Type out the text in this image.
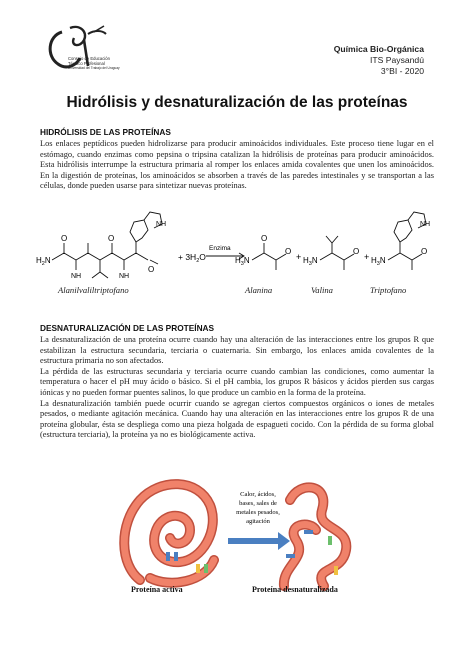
Consejo de Educación
Técnico Profesional
Universidad del Trabajo del Uruguay
Química Bio-Orgánica
ITS Paysandú
3°BI - 2020
Hidrólisis y desnaturalización de las proteínas
HIDRÓLISIS DE LAS PROTEÍNAS

Los enlaces peptídicos pueden hidrolizarse para producir aminoácidos individuales. Este proceso tiene lugar en el estómago, cuando enzimas como pepsina o tripsina catalizan la hidrólisis de proteínas para producir aminoácidos. Esta hidrólisis interrumpe la estructura primaria al romper los enlaces amida covalentes que unen los aminoácidos. En la digestión de proteínas, los aminoácidos se absorben a través de las paredes intestinales y se transportan a las células, donde pueden usarse para sintetizar nuevas proteínas.

$H_2N$
O	O
NH	NH
NH
O
+ $3H_2O$
Enzima
$H_3N$
O
O
+ $H_3N$
O
+ $H_3N$
NH
O
Alanilvaliltriptofano	Alanina	Valina	Triptofano
DESNATURALIZACIÓN DE LAS PROTEÍNAS

La desnaturalización de una proteína ocurre cuando hay una alteración de las interacciones entre los grupos R que estabilizan la estructura secundaria, terciaria o cuaternaria. Sin embargo, los enlaces amida covalentes de la estructura primaria no son afectados.

La pérdida de las estructuras secundaria y terciaria ocurre cuando cambian las condiciones, como aumentar la temperatura o hacer el pH muy ácido o básico. Si el pH cambia, los grupos R básicos y ácidos pierden sus cargas iónicas y no pueden formar puentes salinos, lo que produce un cambio en la forma de la proteína.

La desnaturalización también puede ocurrir cuando se agregan ciertos compuestos orgánicos o iones de metales pesados, o mediante agitación mecánica. Cuando hay una alteración en las interacciones entre los grupos R de una proteína globular, ésta se despliega como una pieza holgada de espagueti cocido. Con la pérdida de su forma global (estructura terciaria), la proteína ya no es biológicamente activa.

Calor, ácidos,
bases, sales de
metales pesados,
agitación
Proteína activa	Proteína desnaturalizada
